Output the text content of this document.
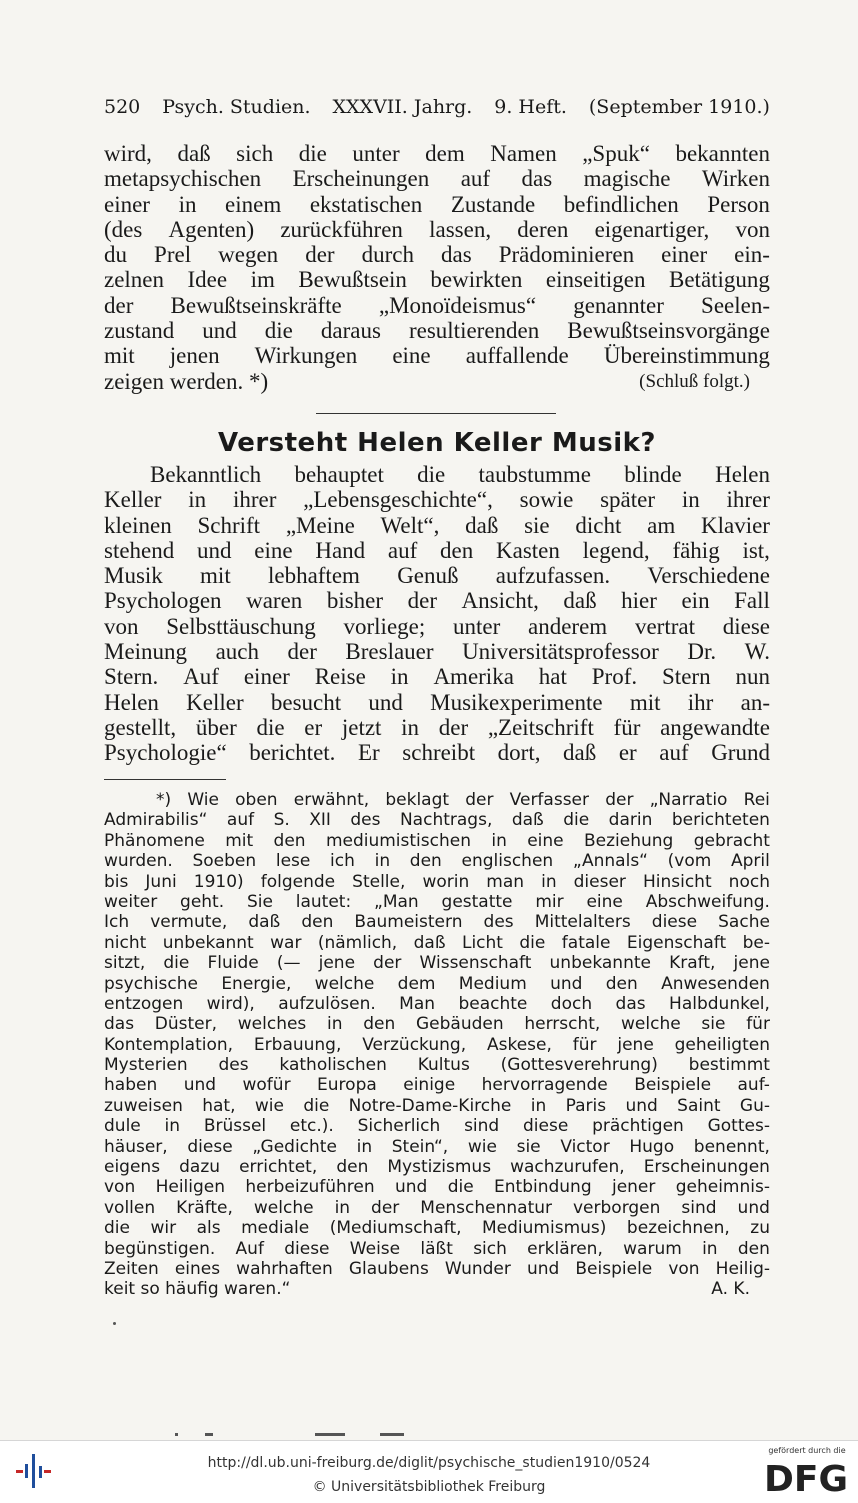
520 Psych. Studien. XXXVII. Jahrg. 9. Heft. (September 1910.)
wird, daß sich die unter dem Namen „Spuk“ bekannten
metapsychischen Erscheinungen auf das magische Wirken
einer in einem ekstatischen Zustande befindlichen Person
(des Agenten) zurückführen lassen, deren eigenartiger, von
du Prel wegen der durch das Prädominieren einer ein-
zelnen Idee im Bewußtsein bewirkten einseitigen Betätigung
der Bewußtseinskräfte „Monoïdeismus“ genannter Seelen-
zustand und die daraus resultierenden Bewußtseinsvorgänge
mit jenen Wirkungen eine auffallende Übereinstimmung
zeigen werden. *)	(Schluß folgt.)
Versteht Helen Keller Musik?
Bekanntlich behauptet die taubstumme blinde Helen
Keller in ihrer „Lebensgeschichte“, sowie später in ihrer
kleinen Schrift „Meine Welt“, daß sie dicht am Klavier
stehend und eine Hand auf den Kasten legend, fähig ist,
Musik mit lebhaftem Genuß aufzufassen. Verschiedene
Psychologen waren bisher der Ansicht, daß hier ein Fall
von Selbsttäuschung vorliege; unter anderem vertrat diese
Meinung auch der Breslauer Universitätsprofessor Dr. W.
Stern. Auf einer Reise in Amerika hat Prof. Stern nun
Helen Keller besucht und Musikexperimente mit ihr an-
gestellt, über die er jetzt in der „Zeitschrift für angewandte
Psychologie“ berichtet. Er schreibt dort, daß er auf Grund
*) Wie oben erwähnt, beklagt der Verfasser der „Narratio Rei
Admirabilis“ auf S. XII des Nachtrags, daß die darin berichteten
Phänomene mit den mediumistischen in eine Beziehung gebracht
wurden. Soeben lese ich in den englischen „Annals“ (vom April
bis Juni 1910) folgende Stelle, worin man in dieser Hinsicht noch
weiter geht. Sie lautet: „Man gestatte mir eine Abschweifung.
Ich vermute, daß den Baumeistern des Mittelalters diese Sache
nicht unbekannt war (nämlich, daß Licht die fatale Eigenschaft be-
sitzt, die Fluide (— jene der Wissenschaft unbekannte Kraft, jene
psychische Energie, welche dem Medium und den Anwesenden
entzogen wird), aufzulösen. Man beachte doch das Halbdunkel,
das Düster, welches in den Gebäuden herrscht, welche sie für
Kontemplation, Erbauung, Verzückung, Askese, für jene geheiligten
Mysterien des katholischen Kultus (Gottesverehrung) bestimmt
haben und wofür Europa einige hervorragende Beispiele auf-
zuweisen hat, wie die Notre-Dame-Kirche in Paris und Saint Gu-
dule in Brüssel etc.). Sicherlich sind diese prächtigen Gottes-
häuser, diese „Gedichte in Stein“, wie sie Victor Hugo benennt,
eigens dazu errichtet, den Mystizismus wachzurufen, Erscheinungen
von Heiligen herbeizuführen und die Entbindung jener geheimnis-
vollen Kräfte, welche in der Menschennatur verborgen sind und
die wir als mediale (Mediumschaft, Mediumismus) bezeichnen, zu
begünstigen. Auf diese Weise läßt sich erklären, warum in den
Zeiten eines wahrhaften Glaubens Wunder und Beispiele von Heilig-
keit so häufig waren.“	A. K.
http://dl.ub.uni-freiburg.de/diglit/psychische_studien1910/0524
© Universitätsbibliothek Freiburg
gefördert durch die
DFG
